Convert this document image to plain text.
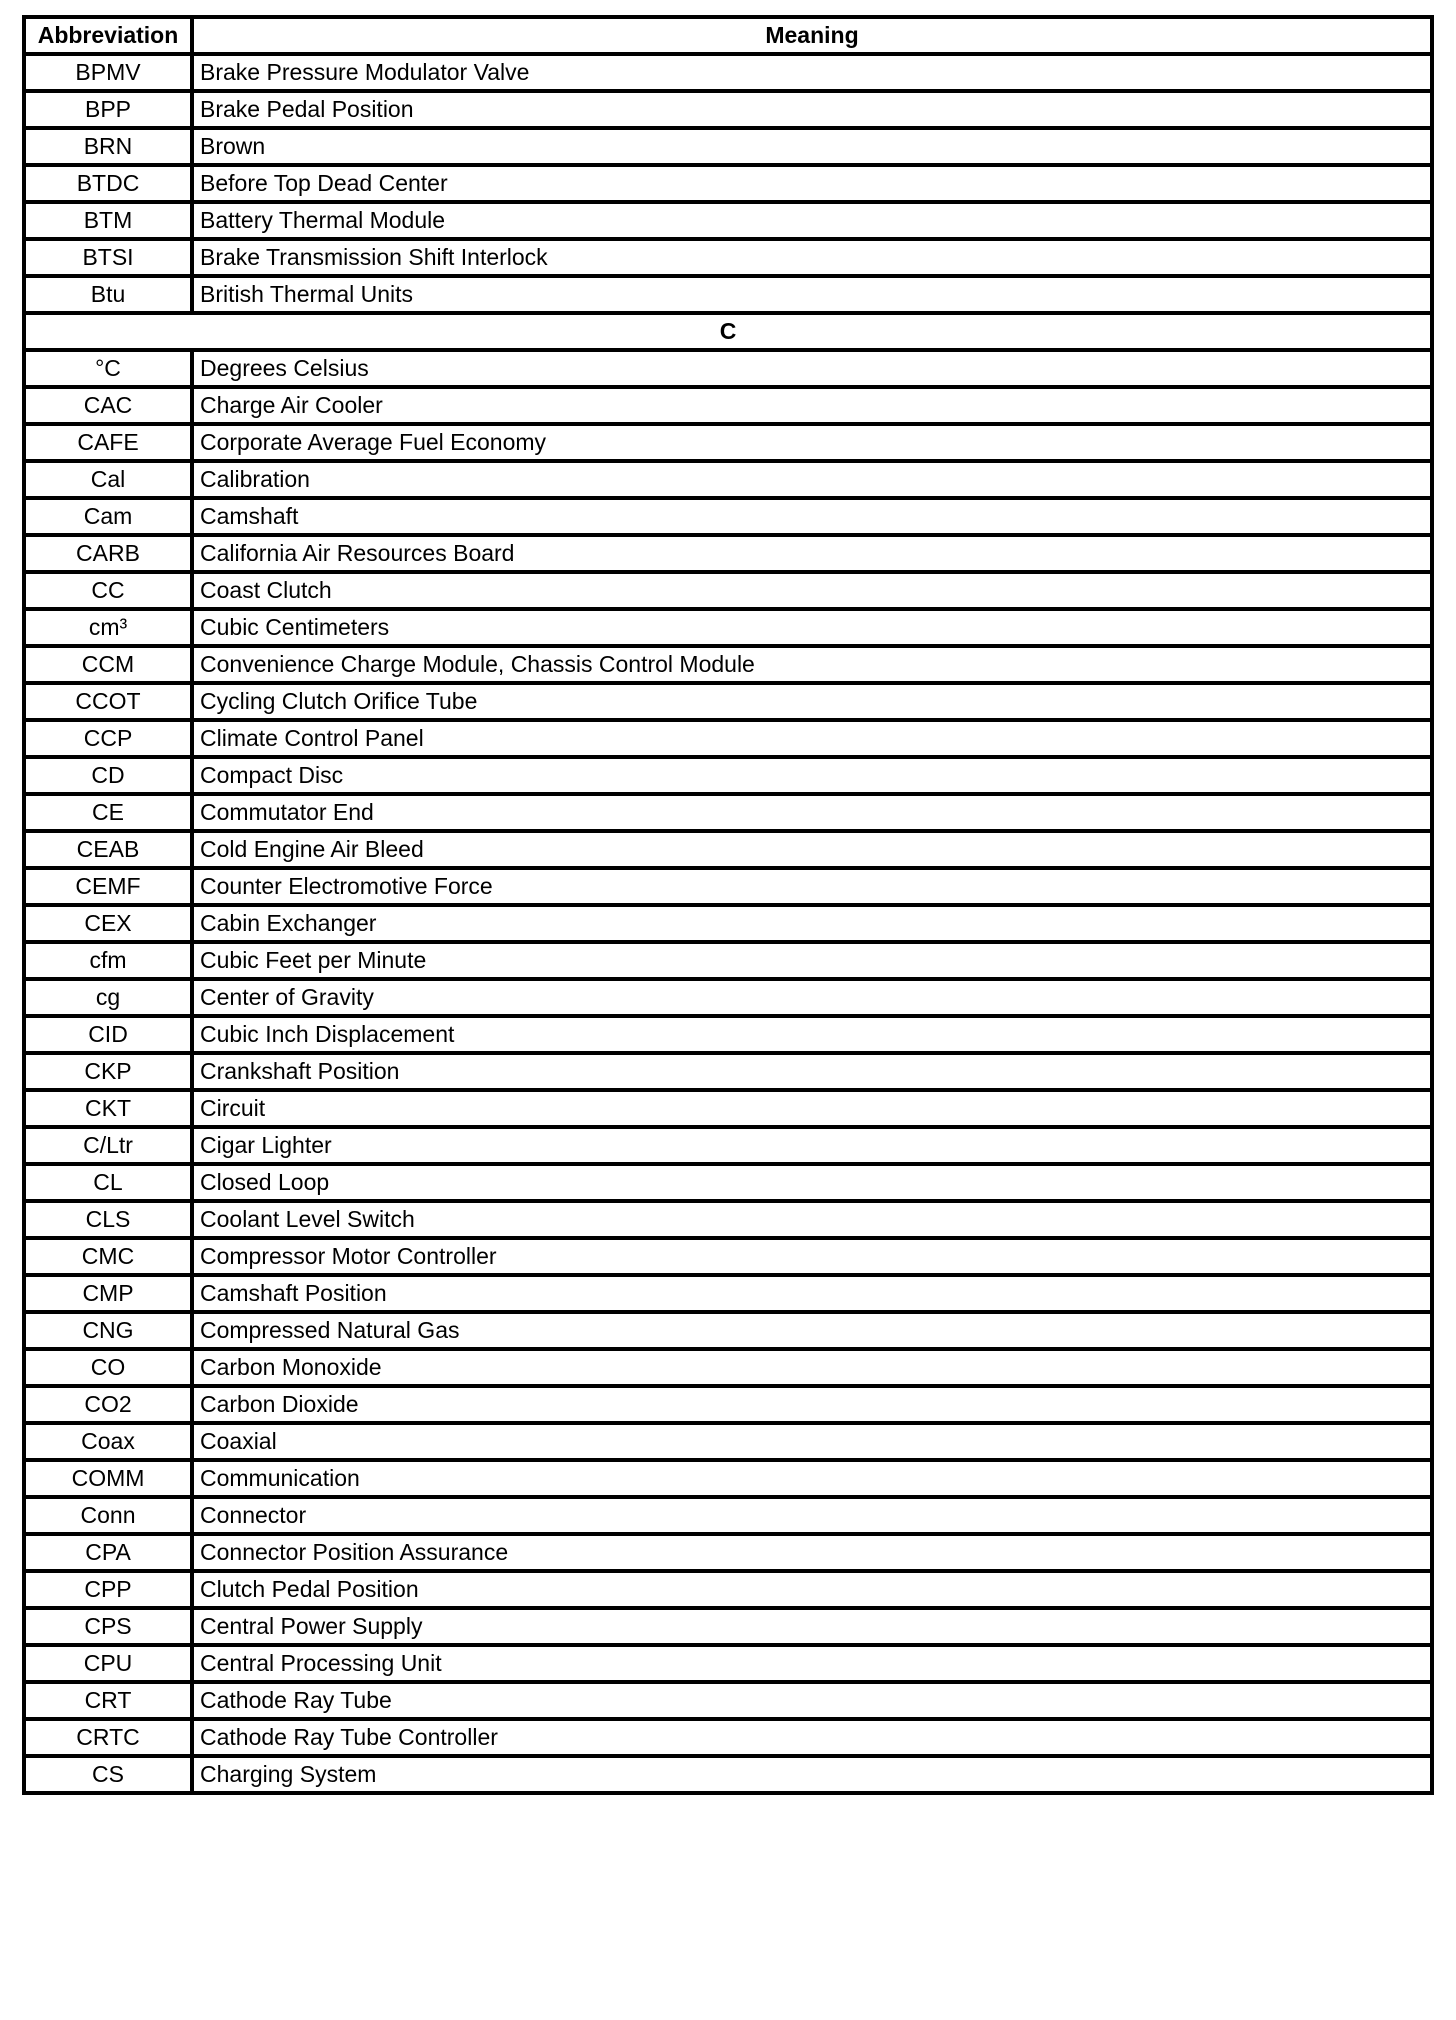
Abbreviation	Meaning
BPMV	Brake Pressure Modulator Valve
BPP	Brake Pedal Position
BRN	Brown
BTDC	Before Top Dead Center
BTM	Battery Thermal Module
BTSI	Brake Transmission Shift Interlock
Btu	British Thermal Units
C	
°C	Degrees Celsius
CAC	Charge Air Cooler
CAFE	Corporate Average Fuel Economy
Cal	Calibration
Cam	Camshaft
CARB	California Air Resources Board
CC	Coast Clutch
cm³	Cubic Centimeters
CCM	Convenience Charge Module, Chassis Control Module
CCOT	Cycling Clutch Orifice Tube
CCP	Climate Control Panel
CD	Compact Disc
CE	Commutator End
CEAB	Cold Engine Air Bleed
CEMF	Counter Electromotive Force
CEX	Cabin Exchanger
cfm	Cubic Feet per Minute
cg	Center of Gravity
CID	Cubic Inch Displacement
CKP	Crankshaft Position
CKT	Circuit
C/Ltr	Cigar Lighter
CL	Closed Loop
CLS	Coolant Level Switch
CMC	Compressor Motor Controller
CMP	Camshaft Position
CNG	Compressed Natural Gas
CO	Carbon Monoxide
CO2	Carbon Dioxide
Coax	Coaxial
COMM	Communication
Conn	Connector
CPA	Connector Position Assurance
CPP	Clutch Pedal Position
CPS	Central Power Supply
CPU	Central Processing Unit
CRT	Cathode Ray Tube
CRTC	Cathode Ray Tube Controller
CS	Charging System
